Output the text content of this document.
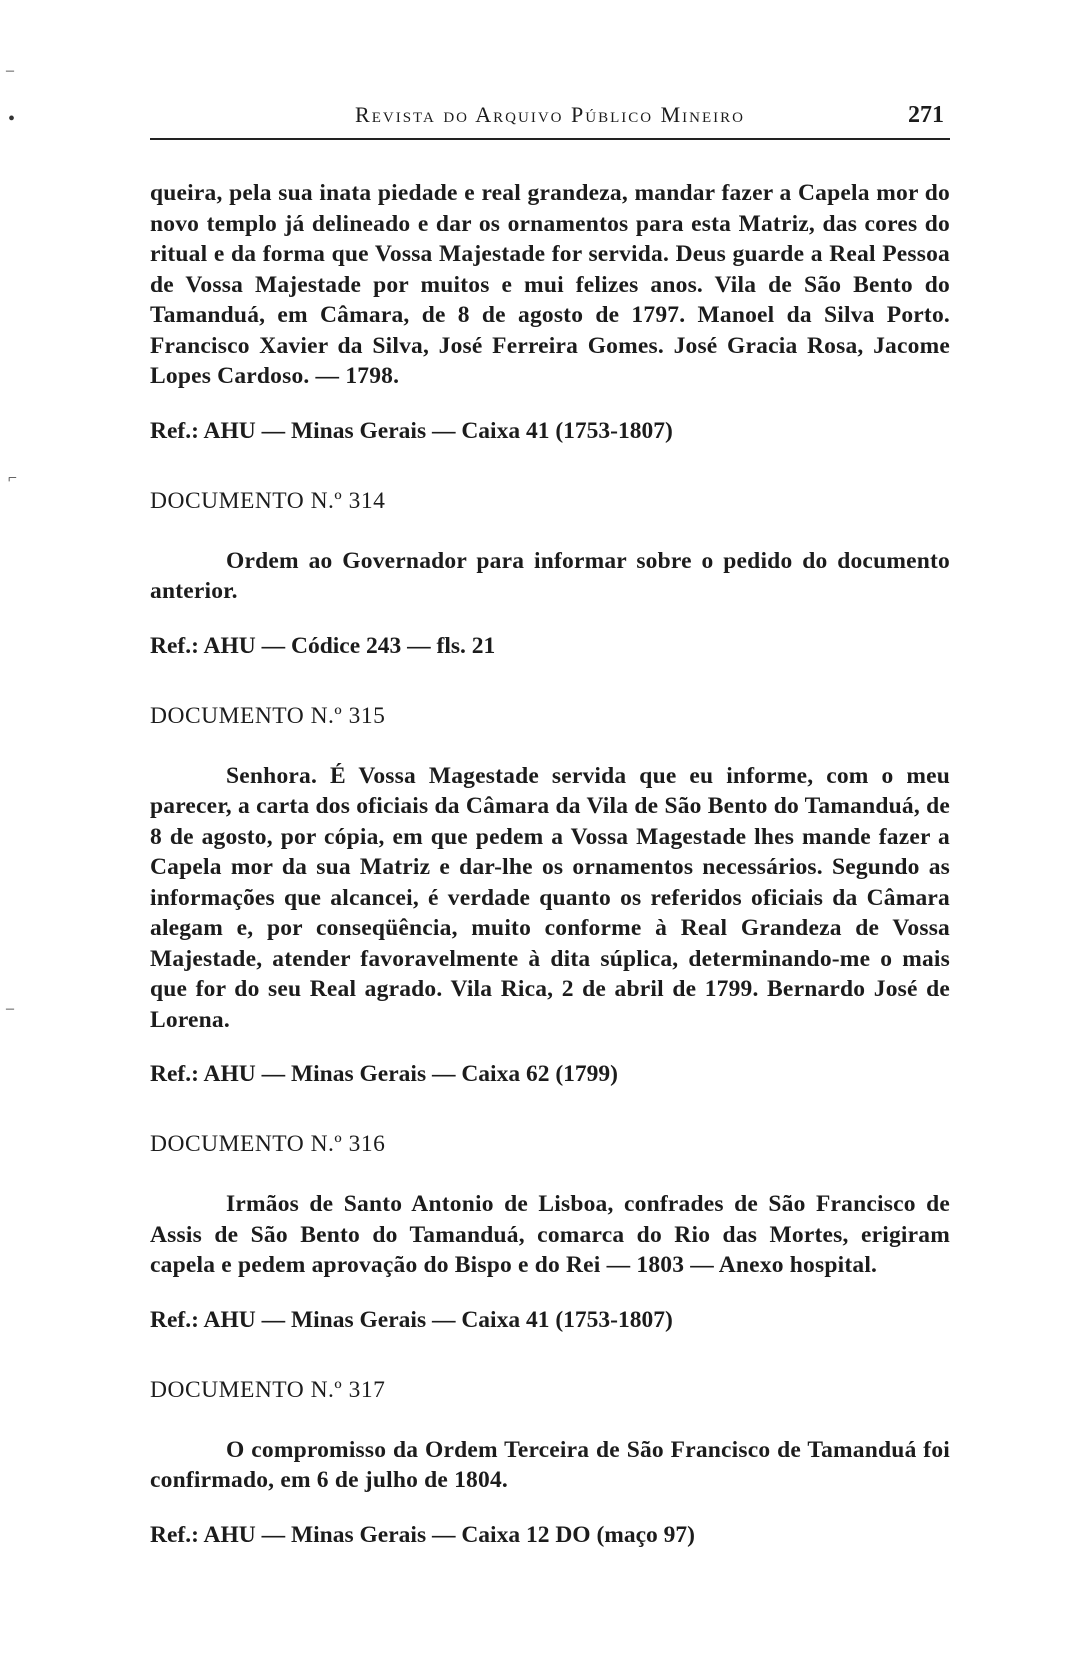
–
•
⌐
–
Revista do Arquivo Público Mineiro	271

queira, pela sua inata piedade e real grandeza, mandar fazer a Capela mor do novo templo já delineado e dar os ornamentos para esta Matriz, das cores do ritual e da forma que Vossa Majestade for servida. Deus guarde a Real Pessoa de Vossa Majestade por muitos e mui felizes anos. Vila de São Bento do Tamanduá, em Câmara, de 8 de agosto de 1797. Manoel da Silva Porto. Francisco Xavier da Silva, José Ferreira Gomes. José Gracia Rosa, Jacome Lopes Cardoso. — 1798.

Ref.: AHU — Minas Gerais — Caixa 41 (1753-1807)

DOCUMENTO N.º 314

Ordem ao Governador para informar sobre o pedido do documento anterior.

Ref.: AHU — Códice 243 — fls. 21

DOCUMENTO N.º 315

Senhora. É Vossa Magestade servida que eu informe, com o meu parecer, a carta dos oficiais da Câmara da Vila de São Bento do Tamanduá, de 8 de agosto, por cópia, em que pedem a Vossa Magestade lhes mande fazer a Capela mor da sua Matriz e dar-lhe os ornamentos necessários. Segundo as informações que alcancei, é verdade quanto os referidos oficiais da Câmara alegam e, por conseqüência, muito conforme à Real Grandeza de Vossa Majestade, atender favoravelmente à dita súplica, determinando-me o mais que for do seu Real agrado. Vila Rica, 2 de abril de 1799. Bernardo José de Lorena.

Ref.: AHU — Minas Gerais — Caixa 62 (1799)

DOCUMENTO N.º 316

Irmãos de Santo Antonio de Lisboa, confrades de São Francisco de Assis de São Bento do Tamanduá, comarca do Rio das Mortes, erigiram capela e pedem aprovação do Bispo e do Rei — 1803 — Anexo hospital.

Ref.: AHU — Minas Gerais — Caixa 41 (1753-1807)

DOCUMENTO N.º 317

O compromisso da Ordem Terceira de São Francisco de Tamanduá foi confirmado, em 6 de julho de 1804.

Ref.: AHU — Minas Gerais — Caixa 12 DO (maço 97)
